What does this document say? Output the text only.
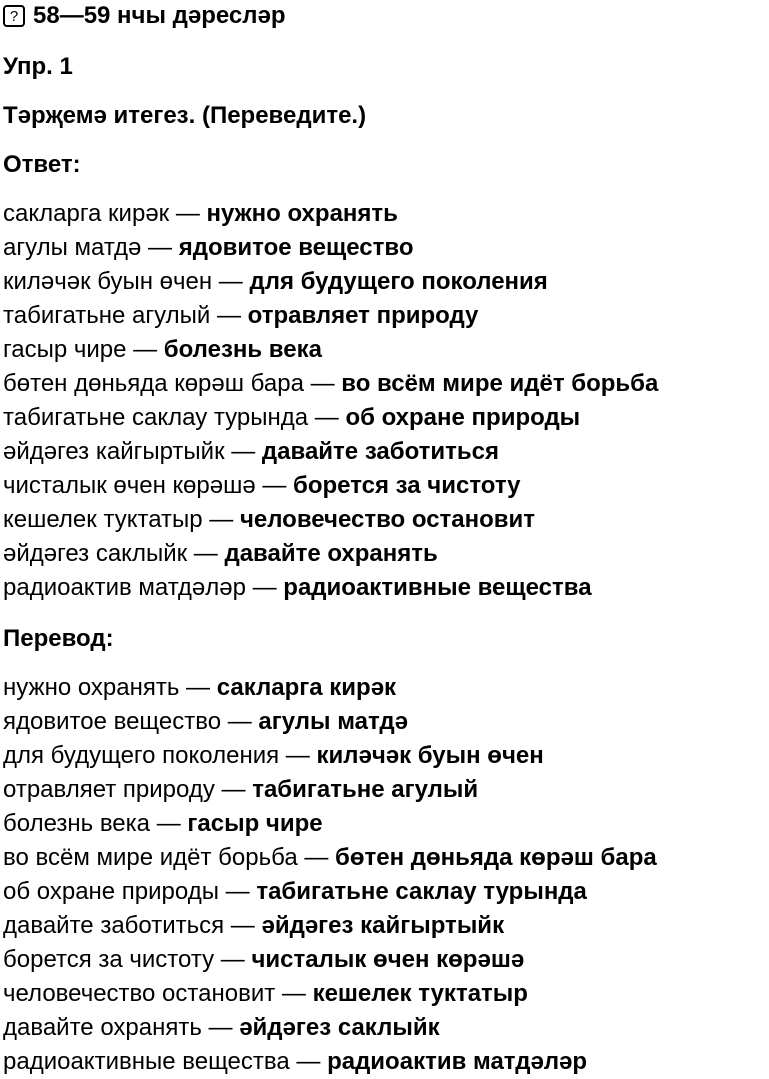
? 58—59 нчы дәресләр
Упр. 1
Тәрҗемә итегез. (Переведите.)
Ответ:
сакларга кирәк — нужно охранять
агулы матдә — ядовитое вещество
киләчәк буын өчен — для будущего поколения
табигатьне агулый — отравляет природу
гасыр чире — болезнь века
бөтен дөньяда көрәш бара — во всём мире идёт борьба
табигатьне саклау турында — об охране природы
әйдәгез кайгыртыйк — давайте заботиться
чисталык өчен көрәшә — борется за чистоту
кешелек туктатыр — человечество остановит
әйдәгез саклыйк — давайте охранять
радиоактив матдәләр — радиоактивные вещества
Перевод:
нужно охранять — сакларга кирәк
ядовитое вещество — агулы матдә
для будущего поколения — киләчәк буын өчен
отравляет природу — табигатьне агулый
болезнь века — гасыр чире
во всём мире идёт борьба — бөтен дөньяда көрәш бара
об охране природы — табигатьне саклау турында
давайте заботиться — әйдәгез кайгыртыйк
борется за чистоту — чисталык өчен көрәшә
человечество остановит — кешелек туктатыр
давайте охранять — әйдәгез саклыйк
радиоактивные вещества — радиоактив матдәләр
